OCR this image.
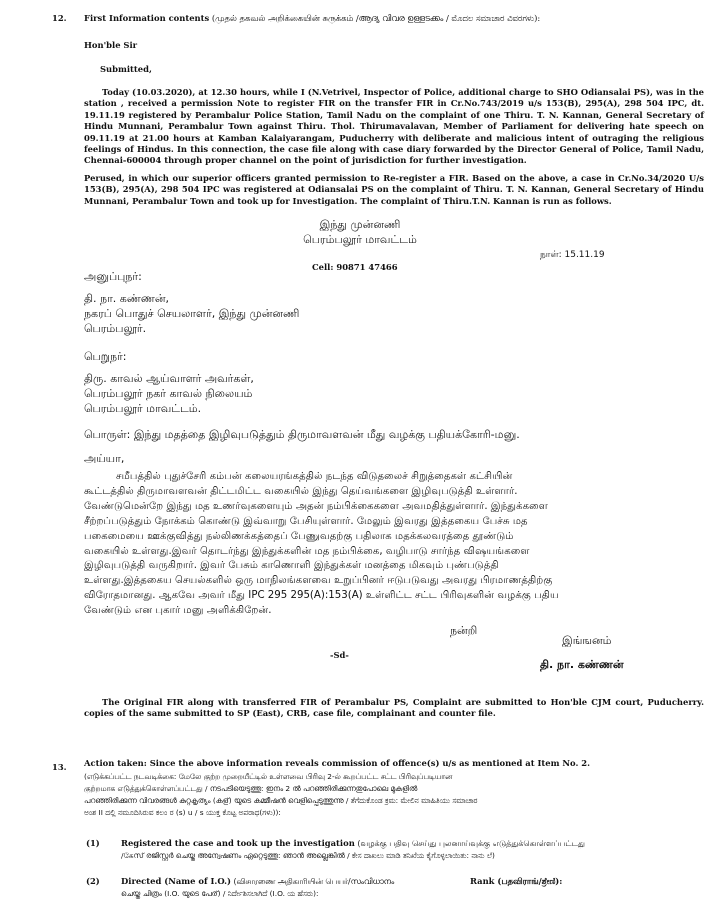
12. First Information contents (முதல் தகவல் அறிக்கையின் சுருக்கம் /ആദ്യ വിവര ഉള്ളടക്കം / ಮೊದಲ ಸಮಾಚಾರ ವಿವರಗಳು):
Hon'ble Sir
Submitted,
Today (10.03.2020), at 12.30 hours, while I (N.Vetrivel, Inspector of Police, additional charge to SHO Odiansalai PS), was in the station , received a permission Note to register FIR on the transfer FIR in Cr.No.743/2019 u/s 153(B), 295(A), 298 504 IPC, dt. 19.11.19 registered by Perambalur Police Station, Tamil Nadu on the complaint of one Thiru. T. N. Kannan, General Secretary of Hindu Munnani, Perambalur Town against Thiru. Thol. Thirumavalavan, Member of Parliament for delivering hate speech on 09.11.19 at 21.00 hours at Kamban Kalaiyarangam, Puducherry with deliberate and malicious intent of outraging the religious feelings of Hindus. In this connection, the case file along with case diary forwarded by the Director General of Police, Tamil Nadu, Chennai-600004 through proper channel on the point of jurisdiction for further investigation.
Perused, in which our superior officers granted permission to Re-register a FIR. Based on the above, a case in Cr.No.34/2020 U/s 153(B), 295(A), 298 504 IPC was registered at Odiansalai PS on the complaint of Thiru. T. N. Kannan, General Secretary of Hindu Munnani, Perambalur Town and took up for Investigation. The complaint of Thiru.T.N. Kannan is run as follows.
இந்து முன்னணி
பெரம்பலூர் மாவட்டம்
நாள்: 15.11.19
Cell: 90871 47466
அனுப்புநர்:
தி. நா. கண்ணன்,
நகரப் பொதுச் செயலாளர், இந்து முன்னணி
பெரம்பலூர்.
பெறுநர்:
திரு. காவல் ஆய்வாளர் அவர்கள்,
பெரம்பலூர் நகர் காவல் நிலையம்
பெரம்பலூர் மாவட்டம்.
பொருள்: இந்து மதத்தை இழிவுபடுத்தும் திருமாவளவன் மீது வழக்கு பதியக்கோரி-மனு.
அய்யா,
சமீபத்தில் புதுச்சேரி கம்பன் கலையரங்கத்தில் நடந்த விடுதலைச் சிறுத்தைகள் கட்சியின்
கூட்டத்தில் திருமாவளவன் திட்டமிட்ட வகையில் இந்து தெய்வங்களை இழிவுபடுத்தி உள்ளார்.
வேண்டுமென்றே இந்து மத உணர்வுகளையும் அதன் நம்பிக்கைகளை அவமதித்துள்ளார். இந்துக்களை
சீற்றப்படுத்தும் நோக்கம் கொண்டு இவ்வாறு பேசியுள்ளார். மேலும் இவரது இத்தகைய பேச்சு மத
பகைமையை ஊக்குவித்து நல்லிணக்கத்தைப் பேணுவதற்கு பதிலாக மதக்கலவரத்தை தூண்டும்
வகையில் உள்ளது.இவர் தொடர்ந்து இந்துக்களின் மத நம்பிக்கை, வழிபாடு சார்ந்த விஷயங்களை
இழிவுபடுத்தி வருகிறார். இவர் பேசும் காணொளி இந்துக்கள் மனத்தை மிகவும் புண்படுத்தி
உள்ளது.இத்தகைய செயல்களில் ஒரு மாநிலங்களவை உறுப்பினர் ஈடுபடுவது அவரது பிரமாணத்திற்கு
விரோதமானது. ஆகவே அவர் மீது IPC 295 295(A):153(A) உள்ளிட்ட சட்ட பிரிவுகளின் வழக்கு பதிய
வேண்டும் என புகார் மனு அளிக்கிறேன்.
நன்றி
இங்ஙனம்
-Sd-
தி. நா. கண்ணன்
The Original FIR along with transferred FIR of Perambalur PS, Complaint are submitted to Hon'ble CJM court, Puducherry. copies of the same submitted to SP (East), CRB, case file, complainant and counter file.
13. Action taken: Since the above information reveals commission of offence(s) u/s as mentioned at Item No. 2.
(எடுக்கப்பட்ட நடவடிக்கை: மேலே குற்ற முறையீட்டில் உள்ளவை பிரிவு 2-ல் கூறப்பட்ட சட்ட பிரிவுப்படியான
குற்றமாக எடுத்துக்கொள்ளப்பட்டது / നടപടിയെടുത്തു: ഇനം 2 ൽ പറഞ്ഞിരിക്കുന്നതുപോലെ മുകളിൽ
പറഞ്ഞിരിക്കുന്ന വിവരങ്ങൾ കുറ്റകൃത്യം (കള്) യുടെ കമ്മീഷൻ വെളിപ്പെടുത്തുന്നു / ತೆಗೆದುಕೊಂಡ ಕ್ರಮ: ಮೇಲಿನ ಮಾಹಿತಿಯು ಸಮಾಚಾರ
ಅಂಶ II ದಲ್ಲಿ ನಮೂದಿಸಿರುವ ಕಲಂ ರ (s) u / s ಯುಕ್ತ ಕೊಟ್ಟ ಅಪರಾಧ(ಗಳು)):
(1)	Registered the case and took up the investigation (வழக்கு பதிவு செய்து புலனாய்வுக்கு எடுத்துக்கொள்ளப்பட்டது
/கேസ് രജിസ്റ്റർ ചെയ്തു അന്വേഷണം ഏറ്റെടുത്തു: ഞാൻ അല്ലെങ്കിൽ / ಕೇಸ ದಾಖಲು ಮಾಡಿ ತನಿಖೆಯ ಕೈಗೊಳ್ಳಲಾಯಿತು: ನಾನು ಲೆ)
(2)	Directed (Name of I.O.) (விசாரணை அதிகாரியின் பெயர்/സംവിധാനം	Rank (பதவிராங்/ಶ್ರೇಣಿ):
ചെയ്ത ചിത്രം (I.O. യുടെ പേര്) / ನಿರ್ದೇಶಿಸಲಾಗಿದೆ (I.O. ಯ ಹೆಸರು):
